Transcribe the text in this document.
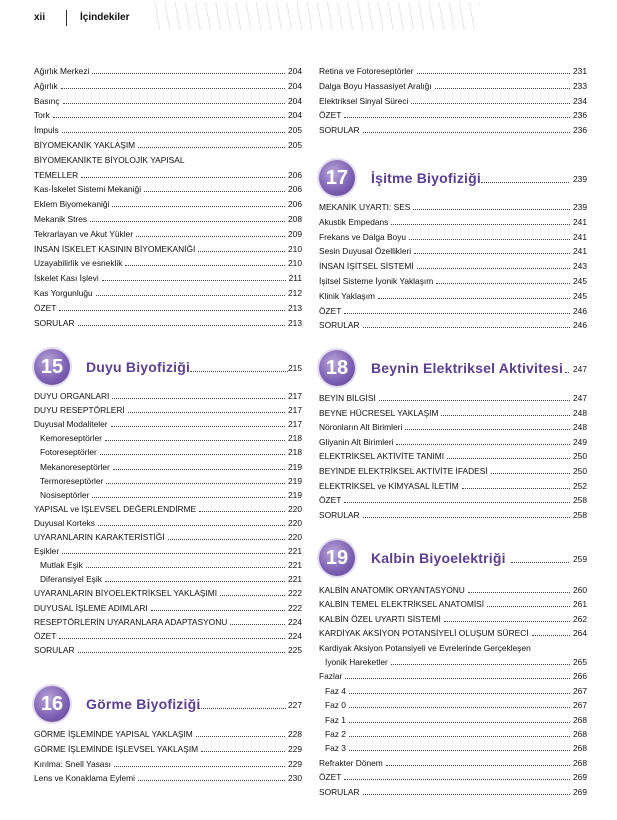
xii	İçindekiler
Ağırlık Merkezi	204
Ağırlık	204
Basınç	204
Tork	204
İmpuls	205
BİYOMEKANİK YAKLAŞIM	205
BİYOMEKANİKTE BİYOLOJİK YAPISAL
TEMELLER	206
Kas-İskelet Sistemi Mekaniği	206
Eklem Biyomekaniği	206
Mekanik Stres	208
Tekrarlayan ve Akut Yükler	209
İNSAN İSKELET KASININ BİYOMEKANİĞİ	210
Uzayabilirlik ve esneklik	210
İskelet Kası İşlevi	211
Kas Yorgunluğu	212
ÖZET	213
SORULAR	213
15	Duyu Biyofiziği	215
DUYU ORGANLARI	217
DUYU RESEPTÖRLERİ	217
Duyusal Modaliteler	217
Kemoreseptörler	218
Fotoreseptörler	218
Mekanoreseptörler	219
Termoreseptörler	219
Nosiseptörler	219
YAPISAL ve İŞLEVSEL DEĞERLENDİRME	220
Duyusal Korteks	220
UYARANLARIN KARAKTERİSTİĞİ	220
Eşikler	221
Mutlak Eşik	221
Diferansiyel Eşik	221
UYARANLARIN BİYOELEKTRİKSEL YAKLAŞIMI	222
DUYUSAL İŞLEME ADIMLARI	222
RESEPTÖRLERİN UYARANLARA ADAPTASYONU	224
ÖZET	224
SORULAR	225
16	Görme Biyofiziği	227
GÖRME İŞLEMİNDE YAPISAL YAKLAŞIM	228
GÖRME İŞLEMİNDE İŞLEVSEL YAKLAŞIM	229
Kırılma: Snell Yasası	229
Lens ve Konaklama Eylemi	230
Retina ve Fotoreseptörler	231
Dalga Boyu Hassasiyet Aralığı	233
Elektriksel Sinyal Süreci	234
ÖZET	236
SORULAR	236
17	İşitme Biyofiziği	239
MEKANİK UYARTI: SES	239
Akustik Empedans	241
Frekans ve Dalga Boyu	241
Sesin Duyusal Özellikleri	241
İNSAN İŞİTSEL SİSTEMİ	243
İşitsel Sisteme İyonik Yaklaşım	245
Klinik Yaklaşım	245
ÖZET	246
SORULAR	246
18	Beynin Elektriksel Aktivitesi 247
BEYİN BİLGİSİ	247
BEYNE HÜCRESEL YAKLAŞIM	248
Nöronların Alt Birimleri	248
Gliyanin Alt Birimleri	249
ELEKTRİKSEL AKTİVİTE TANIMI	250
BEYİNDE ELEKTRİKSEL AKTİVİTE İFADESİ	250
ELEKTRİKSEL ve KİMYASAL İLETİM	252
ÖZET	258
SORULAR	258
19	Kalbin Biyoelektriği	259
KALBİN ANATOMİK ORYANTASYONU	260
KALBİN TEMEL ELEKTRİKSEL ANATOMİSİ	261
KALBİN ÖZEL UYARTI SİSTEMİ	262
KARDİYAK AKSİYON POTANSİYELİ OLUŞUM SÜRECİ	264
Kardiyak Aksiyon Potansiyeli ve Evrelerinde Gerçekleşen
İyonik Hareketler	265
Fazlar	266
Faz 4	267
Faz 0	267
Faz 1	268
Faz 2	268
Faz 3	268
Refrakter Dönem	268
ÖZET	269
SORULAR	269
